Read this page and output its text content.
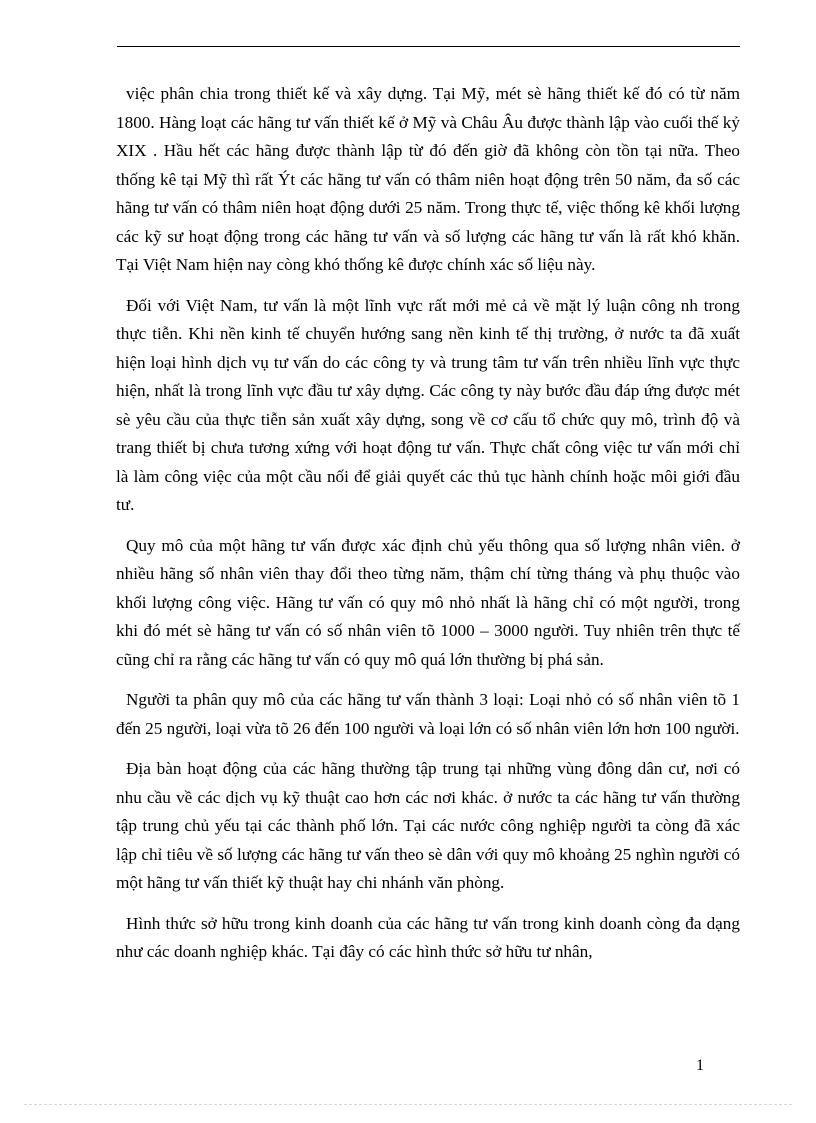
việc phân chia trong thiết kế và xây dựng. Tại Mỹ, mét sè hãng thiết kế đó có từ năm 1800. Hàng loạt các hãng tư vấn thiết kế ở Mỹ và Châu Âu được thành lập vào cuối thế kỷ XIX . Hầu hết các hãng được thành lập từ đó đến giờ đã không còn tồn tại nữa. Theo thống kê tại Mỹ thì rất Ýt các hãng tư vấn có thâm niên hoạt động trên 50 năm, đa số các hãng tư vấn có thâm niên hoạt động dưới 25 năm. Trong thực tế, việc thống kê khối lượng các kỹ sư hoạt động trong các hãng tư vấn và số lượng các hãng tư vấn là rất khó khăn. Tại Việt Nam hiện nay còng khó thống kê được chính xác số liệu này.

Đối với Việt Nam, tư vấn là một lĩnh vực rất mới mẻ cả về mặt lý luận công nh trong thực tiễn. Khi nền kinh tế chuyển hướng sang nền kinh tế thị trường, ở nước ta đã xuất hiện loại hình dịch vụ tư vấn do các công ty và trung tâm tư vấn trên nhiều lĩnh vực thực hiện, nhất là trong lĩnh vực đầu tư xây dựng. Các công ty này bước đầu đáp ứng được mét sè yêu cầu của thực tiễn sản xuất xây dựng, song về cơ cấu tổ chức quy mô, trình độ và trang thiết bị chưa tương xứng với hoạt động tư vấn. Thực chất công việc tư vấn mới chỉ là làm công việc của một cầu nối để giải quyết các thủ tục hành chính hoặc môi giới đầu tư.

Quy mô của một hãng tư vấn được xác định chủ yếu thông qua số lượng nhân viên. ở nhiều hãng số nhân viên thay đổi theo từng năm, thậm chí từng tháng và phụ thuộc vào khối lượng công việc. Hãng tư vấn có quy mô nhỏ nhất là hãng chỉ có một người, trong khi đó mét sè hãng tư vấn có số nhân viên tõ 1000 – 3000 người. Tuy nhiên trên thực tế cũng chỉ ra rằng các hãng tư vấn có quy mô quá lớn thường bị phá sản.

Người ta phân quy mô của các hãng tư vấn thành 3 loại: Loại nhỏ có số nhân viên tõ 1 đến 25 người, loại vừa tõ 26 đến 100 người và loại lớn có số nhân viên lớn hơn 100 người.

Địa bàn hoạt động của các hãng thường tập trung tại những vùng đông dân cư, nơi có nhu cầu về các dịch vụ kỹ thuật cao hơn các nơi khác. ở nước ta các hãng tư vấn thường tập trung chủ yếu tại các thành phố lớn. Tại các nước công nghiệp người ta còng đã xác lập chỉ tiêu về số lượng các hãng tư vấn theo sè dân với quy mô khoảng 25 nghìn người có một hãng tư vấn thiết kỹ thuật hay chi nhánh văn phòng.

Hình thức sở hữu trong kinh doanh của các hãng tư vấn trong kinh doanh còng đa dạng như các doanh nghiệp khác. Tại đây có các hình thức sở hữu tư nhân,

1
